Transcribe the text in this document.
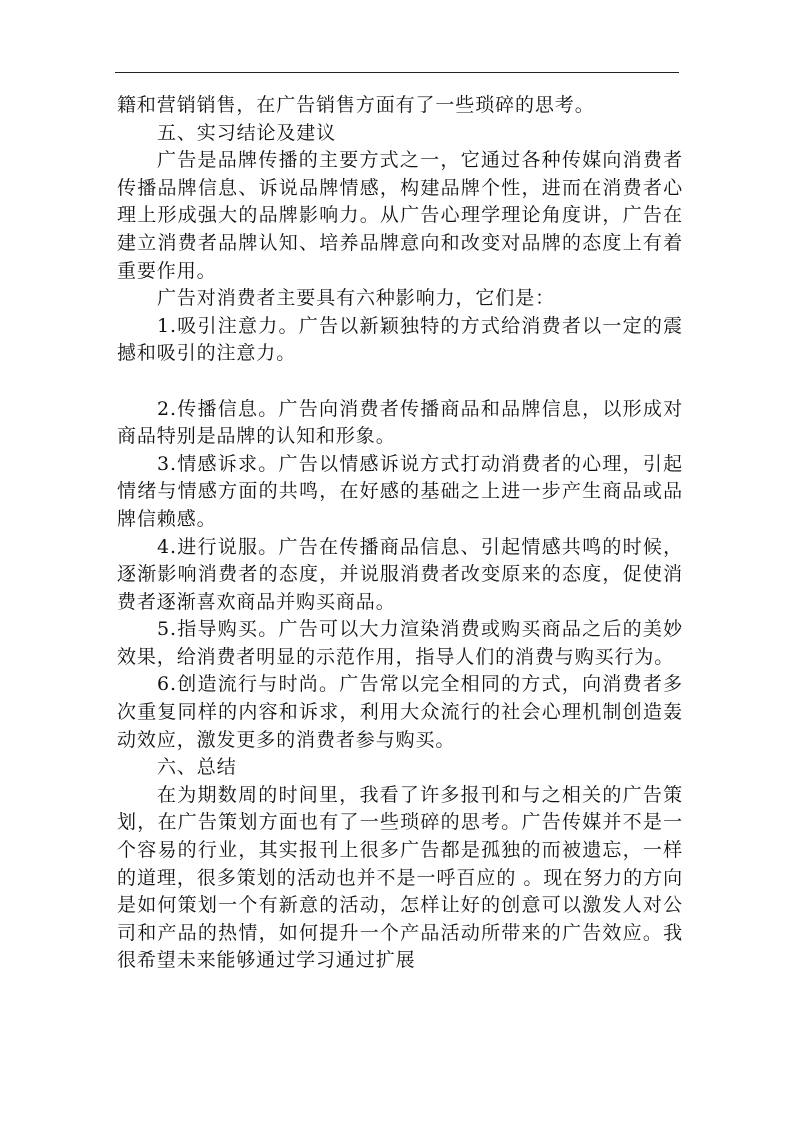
籍和营销销售，在广告销售方面有了一些琐碎的思考。

五、实习结论及建议

广告是品牌传播的主要方式之一，它通过各种传媒向消费者传播品牌信息、诉说品牌情感，构建品牌个性，进而在消费者心理上形成强大的品牌影响力。从广告心理学理论角度讲，广告在建立消费者品牌认知、培养品牌意向和改变对品牌的态度上有着重要作用。

广告对消费者主要具有六种影响力，它们是：

1.吸引注意力。广告以新颖独特的方式给消费者以一定的震撼和吸引的注意力。

2.传播信息。广告向消费者传播商品和品牌信息，以形成对商品特别是品牌的认知和形象。

3.情感诉求。广告以情感诉说方式打动消费者的心理，引起情绪与情感方面的共鸣，在好感的基础之上进一步产生商品或品牌信赖感。

4.进行说服。广告在传播商品信息、引起情感共鸣的时候，逐渐影响消费者的态度，并说服消费者改变原来的态度，促使消费者逐渐喜欢商品并购买商品。

5.指导购买。广告可以大力渲染消费或购买商品之后的美妙效果，给消费者明显的示范作用，指导人们的消费与购买行为。

6.创造流行与时尚。广告常以完全相同的方式，向消费者多次重复同样的内容和诉求，利用大众流行的社会心理机制创造轰动效应，激发更多的消费者参与购买。

六、总结

在为期数周的时间里，我看了许多报刊和与之相关的广告策划，在广告策划方面也有了一些琐碎的思考。广告传媒并不是一个容易的行业，其实报刊上很多广告都是孤独的而被遗忘，一样的道理，很多策划的活动也并不是一呼百应的 。现在努力的方向是如何策划一个有新意的活动，怎样让好的创意可以激发人对公司和产品的热情，如何提升一个产品活动所带来的广告效应。我很希望未来能够通过学习通过扩展
